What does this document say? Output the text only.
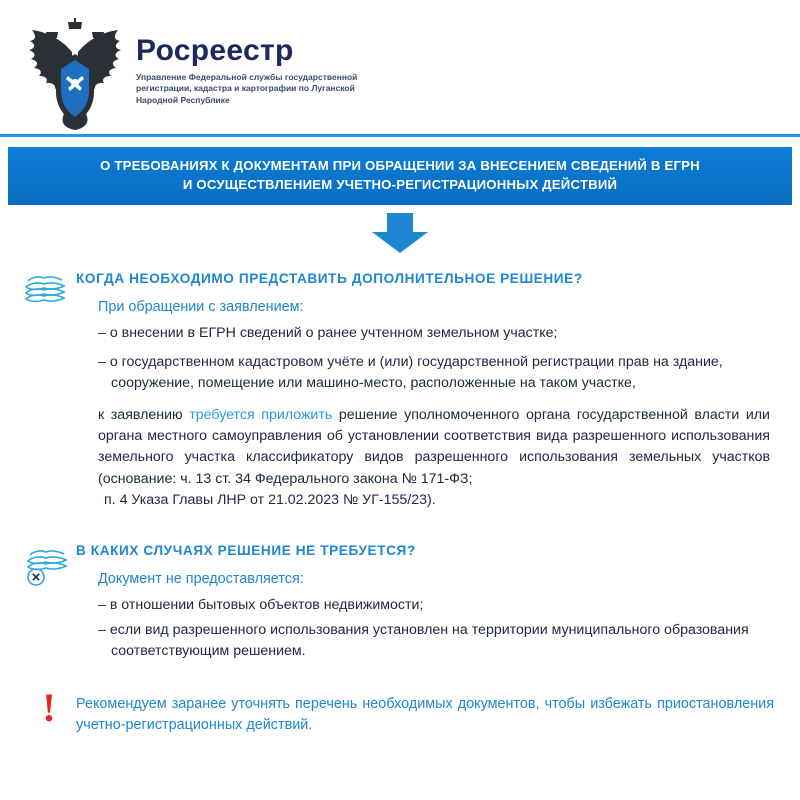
Росреестр
Управление Федеральной службы государственной регистрации, кадастра и картографии по Луганской Народной Республике
О ТРЕБОВАНИЯХ К ДОКУМЕНТАМ ПРИ ОБРАЩЕНИИ ЗА ВНЕСЕНИЕМ СВЕДЕНИЙ В ЕГРН
И ОСУЩЕСТВЛЕНИЕМ УЧЕТНО-РЕГИСТРАЦИОННЫХ ДЕЙСТВИЙ
КОГДА НЕОБХОДИМО ПРЕДСТАВИТЬ ДОПОЛНИТЕЛЬНОЕ РЕШЕНИЕ?
При обращении с заявлением:
– о внесении в ЕГРН сведений о ранее учтенном земельном участке;
– о государственном кадастровом учёте и (или) государственной регистрации прав на здание, сооружение, помещение или машино-место, расположенные на таком участке,
к заявлению требуется приложить решение уполномоченного органа государственной власти или органа местного самоуправления об установлении соответствия вида разрешенного использования земельного участка классификатору видов разрешенного использования земельных участков (основание: ч. 13 ст. 34 Федерального закона № 171-ФЗ;
п. 4 Указа Главы ЛНР от 21.02.2023 № УГ-155/23).
В КАКИХ СЛУЧАЯХ РЕШЕНИЕ НЕ ТРЕБУЕТСЯ?
Документ не предоставляется:
– в отношении бытовых объектов недвижимости;
– если вид разрешенного использования установлен на территории муниципального образования соответствующим решением.
!	Рекомендуем заранее уточнять перечень необходимых документов, чтобы избежать приостановления учетно-регистрационных действий.
